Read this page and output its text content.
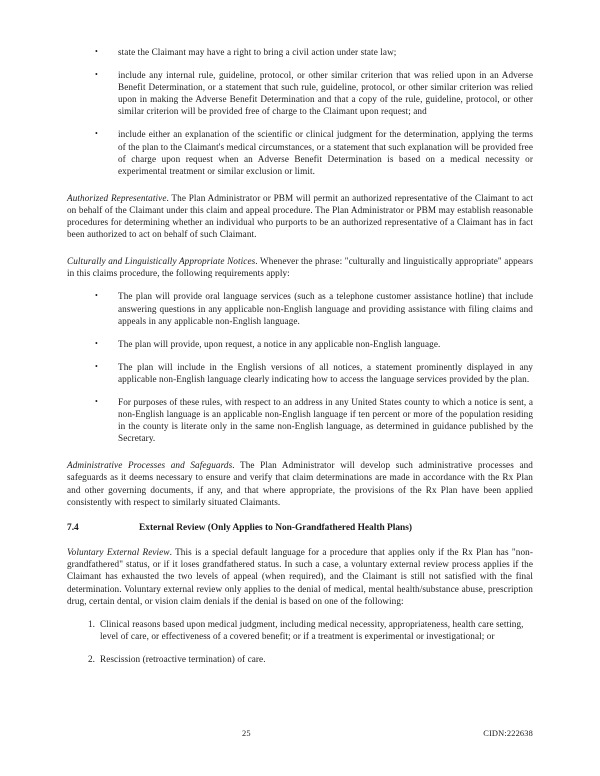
• state the Claimant may have a right to bring a civil action under state law;
• include any internal rule, guideline, protocol, or other similar criterion that was relied upon in an Adverse Benefit Determination, or a statement that such rule, guideline, protocol, or other similar criterion was relied upon in making the Adverse Benefit Determination and that a copy of the rule, guideline, protocol, or other similar criterion will be provided free of charge to the Claimant upon request; and
• include either an explanation of the scientific or clinical judgment for the determination, applying the terms of the plan to the Claimant's medical circumstances, or a statement that such explanation will be provided free of charge upon request when an Adverse Benefit Determination is based on a medical necessity or experimental treatment or similar exclusion or limit.

Authorized Representative. The Plan Administrator or PBM will permit an authorized representative of the Claimant to act on behalf of the Claimant under this claim and appeal procedure. The Plan Administrator or PBM may establish reasonable procedures for determining whether an individual who purports to be an authorized representative of a Claimant has in fact been authorized to act on behalf of such Claimant.

Culturally and Linguistically Appropriate Notices. Whenever the phrase: "culturally and linguistically appropriate" appears in this claims procedure, the following requirements apply:

• The plan will provide oral language services (such as a telephone customer assistance hotline) that include answering questions in any applicable non-English language and providing assistance with filing claims and appeals in any applicable non-English language.
• The plan will provide, upon request, a notice in any applicable non-English language.
• The plan will include in the English versions of all notices, a statement prominently displayed in any applicable non-English language clearly indicating how to access the language services provided by the plan.
• For purposes of these rules, with respect to an address in any United States county to which a notice is sent, a non-English language is an applicable non-English language if ten percent or more of the population residing in the county is literate only in the same non-English language, as determined in guidance published by the Secretary.

Administrative Processes and Safeguards. The Plan Administrator will develop such administrative processes and safeguards as it deems necessary to ensure and verify that claim determinations are made in accordance with the Rx Plan and other governing documents, if any, and that where appropriate, the provisions of the Rx Plan have been applied consistently with respect to similarly situated Claimants.

7.4	External Review (Only Applies to Non-Grandfathered Health Plans)

Voluntary External Review. This is a special default language for a procedure that applies only if the Rx Plan has "non-grandfathered" status, or if it loses grandfathered status. In such a case, a voluntary external review process applies if the Claimant has exhausted the two levels of appeal (when required), and the Claimant is still not satisfied with the final determination. Voluntary external review only applies to the denial of medical, mental health/substance abuse, prescription drug, certain dental, or vision claim denials if the denial is based on one of the following:

1. Clinical reasons based upon medical judgment, including medical necessity, appropriateness, health care setting, level of care, or effectiveness of a covered benefit; or if a treatment is experimental or investigational; or
2. Rescission (retroactive termination) of care.
25	CIDN:222638
